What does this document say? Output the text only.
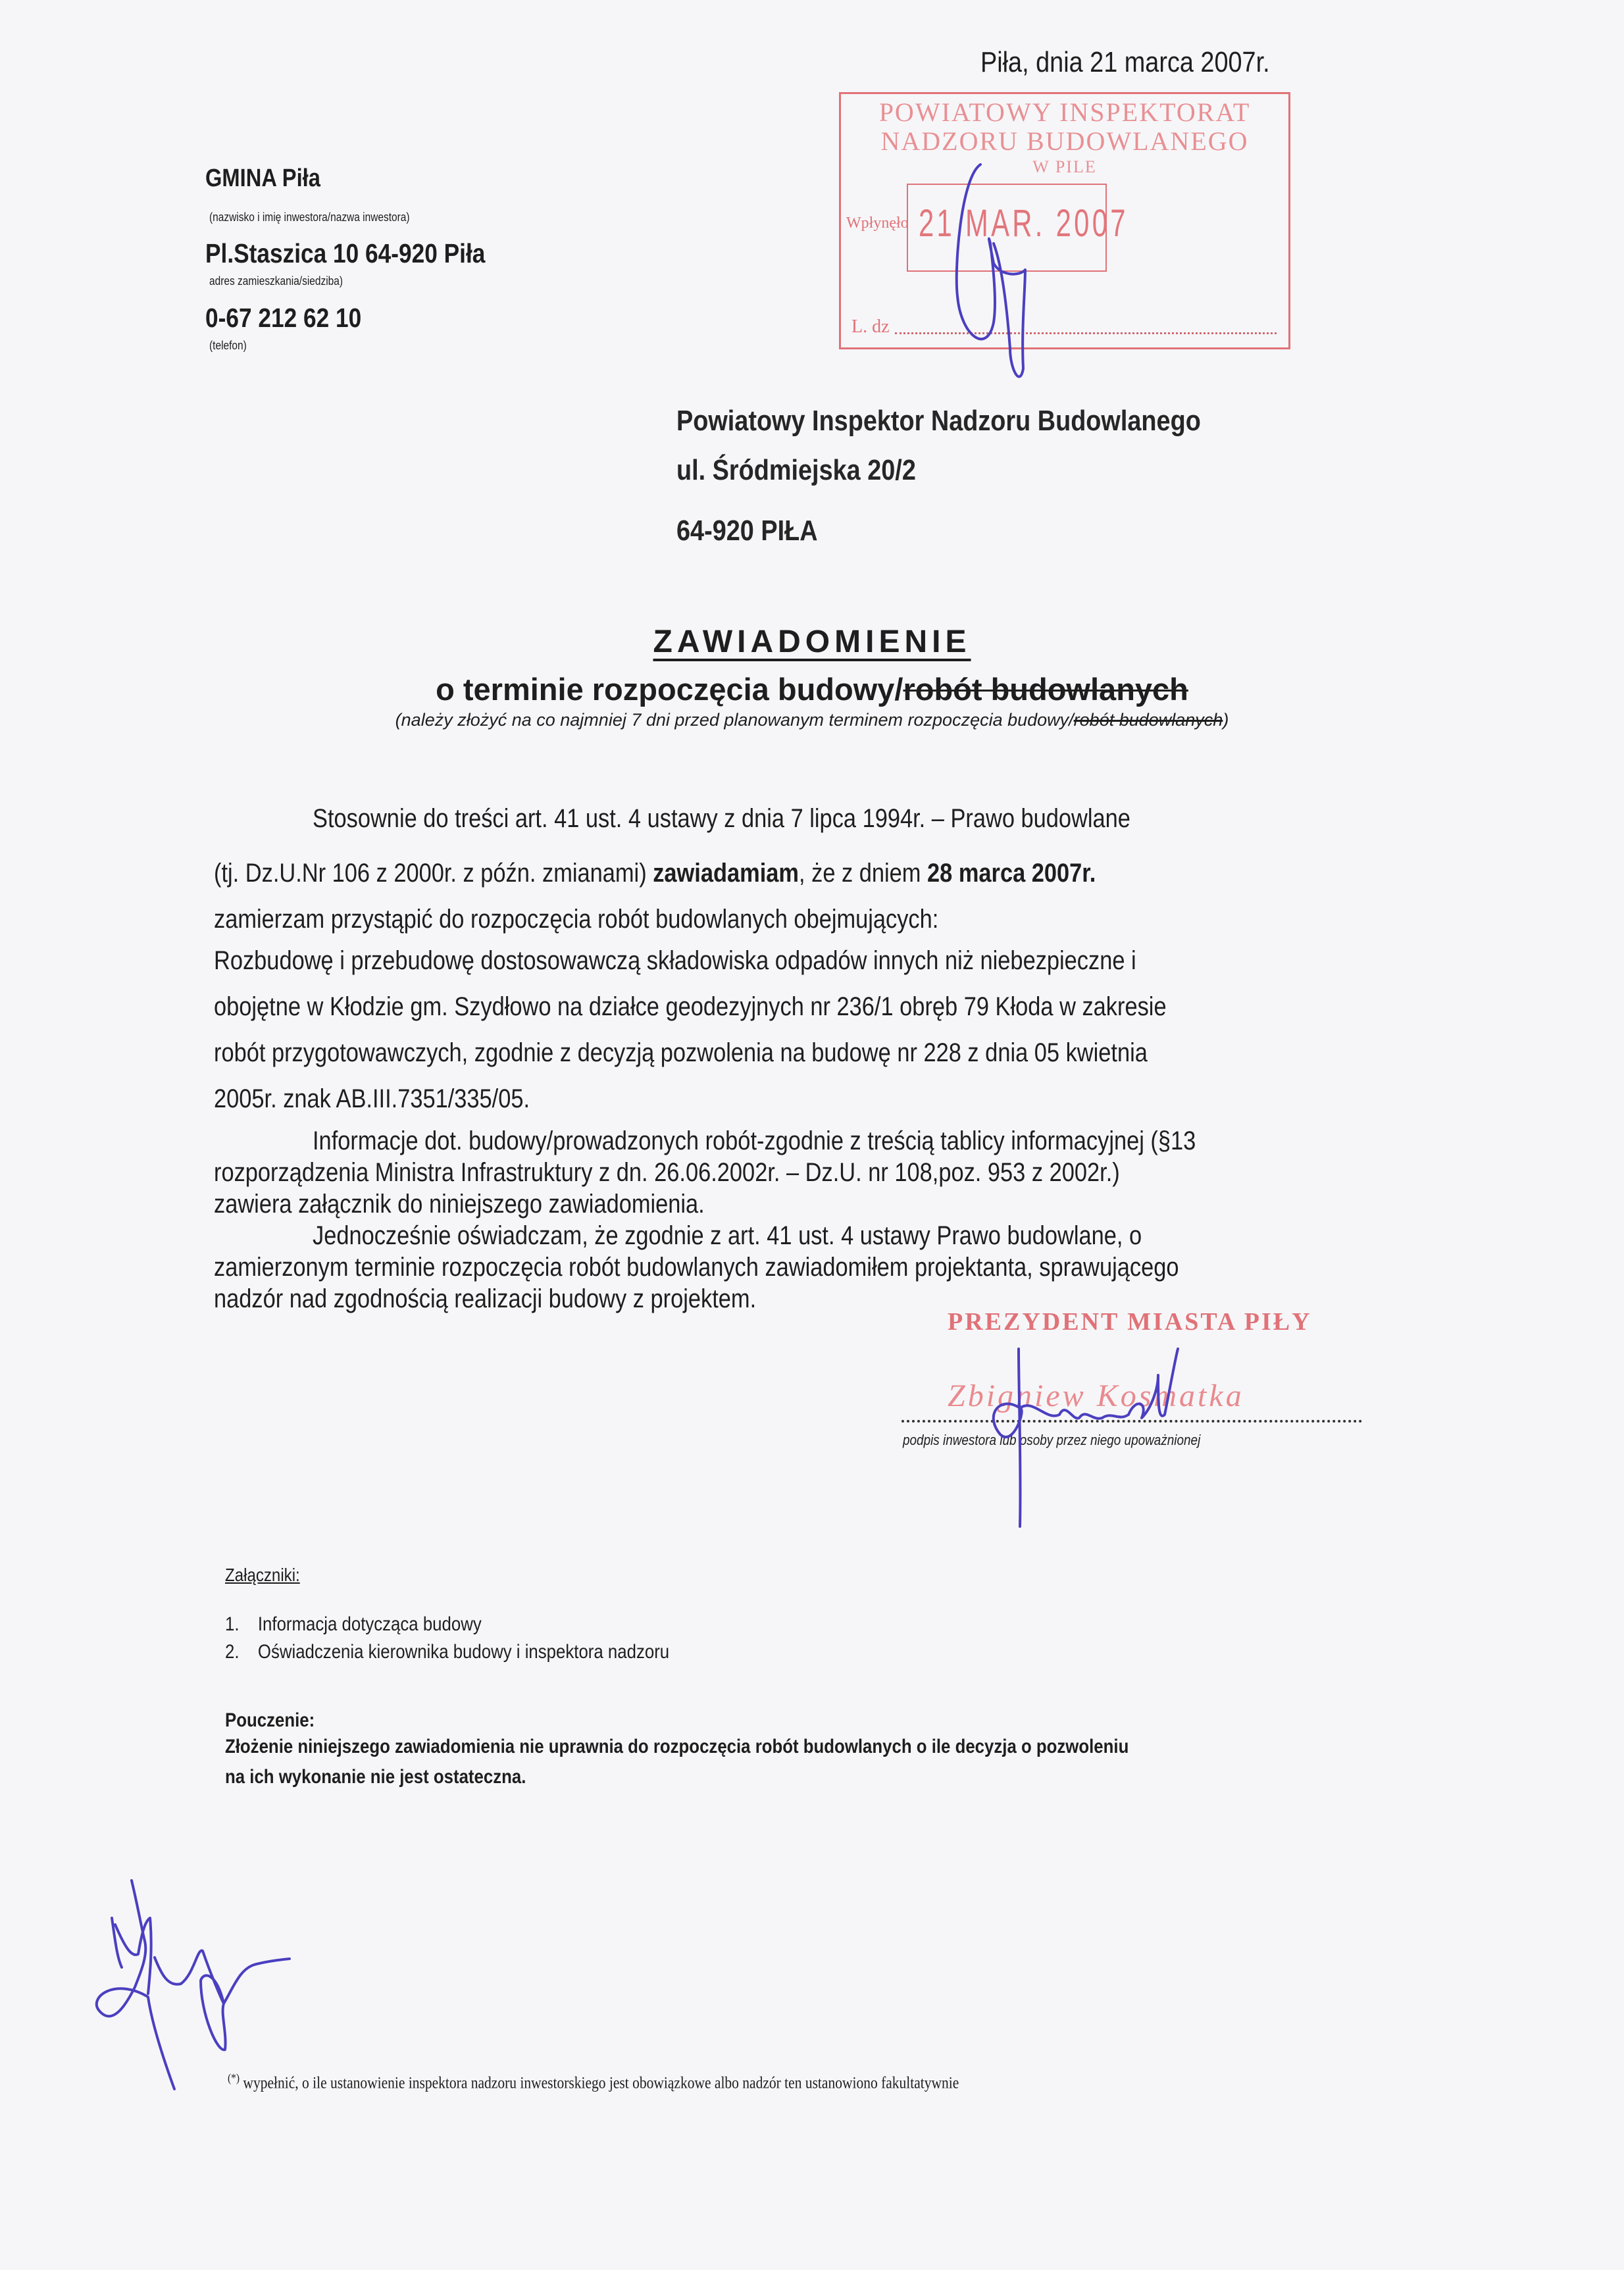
GMINA Piła
(nazwisko i imię inwestora/nazwa inwestora)
Pl.Staszica 10 64-920 Piła
adres zamieszkania/siedziba)
0-67 212 62 10
(telefon)
Piła, dnia 21 marca 2007r.
POWIATOWY INSPEKTORAT
NADZORU BUDOWLANEGO
W PILE
Wpłynęło 21 MAR. 2007
L. dz
Powiatowy Inspektor Nadzoru Budowlanego
ul. Śródmiejska 20/2
64-920 PIŁA
ZAWIADOMIENIE
o terminie rozpoczęcia budowy/robót budowlanych
(należy złożyć na co najmniej 7 dni przed planowanym terminem rozpoczęcia budowy/robót budowlanych)
Stosownie do treści art. 41 ust. 4 ustawy z dnia 7 lipca 1994r. – Prawo budowlane
(tj. Dz.U.Nr 106 z 2000r. z późn. zmianami) zawiadamiam, że z dniem 28 marca 2007r.
zamierzam przystąpić do rozpoczęcia robót budowlanych obejmujących:
Rozbudowę i przebudowę dostosowawczą składowiska odpadów innych niż niebezpieczne i
obojętne w Kłodzie gm. Szydłowo na działce geodezyjnych nr 236/1 obręb 79 Kłoda w zakresie
robót przygotowawczych, zgodnie z decyzją pozwolenia na budowę nr 228 z dnia 05 kwietnia
2005r. znak AB.III.7351/335/05.
Informacje dot. budowy/prowadzonych robót-zgodnie z treścią tablicy informacyjnej (§13
rozporządzenia Ministra Infrastruktury z dn. 26.06.2002r. – Dz.U. nr 108,poz. 953 z 2002r.)
zawiera załącznik do niniejszego zawiadomienia.
Jednocześnie oświadczam, że zgodnie z art. 41 ust. 4 ustawy Prawo budowlane, o
zamierzonym terminie rozpoczęcia robót budowlanych zawiadomiłem projektanta, sprawującego
nadzór nad zgodnością realizacji budowy z projektem.
PREZYDENT MIASTA PIŁY
Zbigniew Kosmatka
podpis inwestora lub osoby przez niego upoważnionej
Załączniki:
1. Informacja dotycząca budowy
2. Oświadczenia kierownika budowy i inspektora nadzoru
Pouczenie:
Złożenie niniejszego zawiadomienia nie uprawnia do rozpoczęcia robót budowlanych o ile decyzja o pozwoleniu
na ich wykonanie nie jest ostateczna.
(*) wypełnić, o ile ustanowienie inspektora nadzoru inwestorskiego jest obowiązkowe albo nadzór ten ustanowiono fakultatywnie
